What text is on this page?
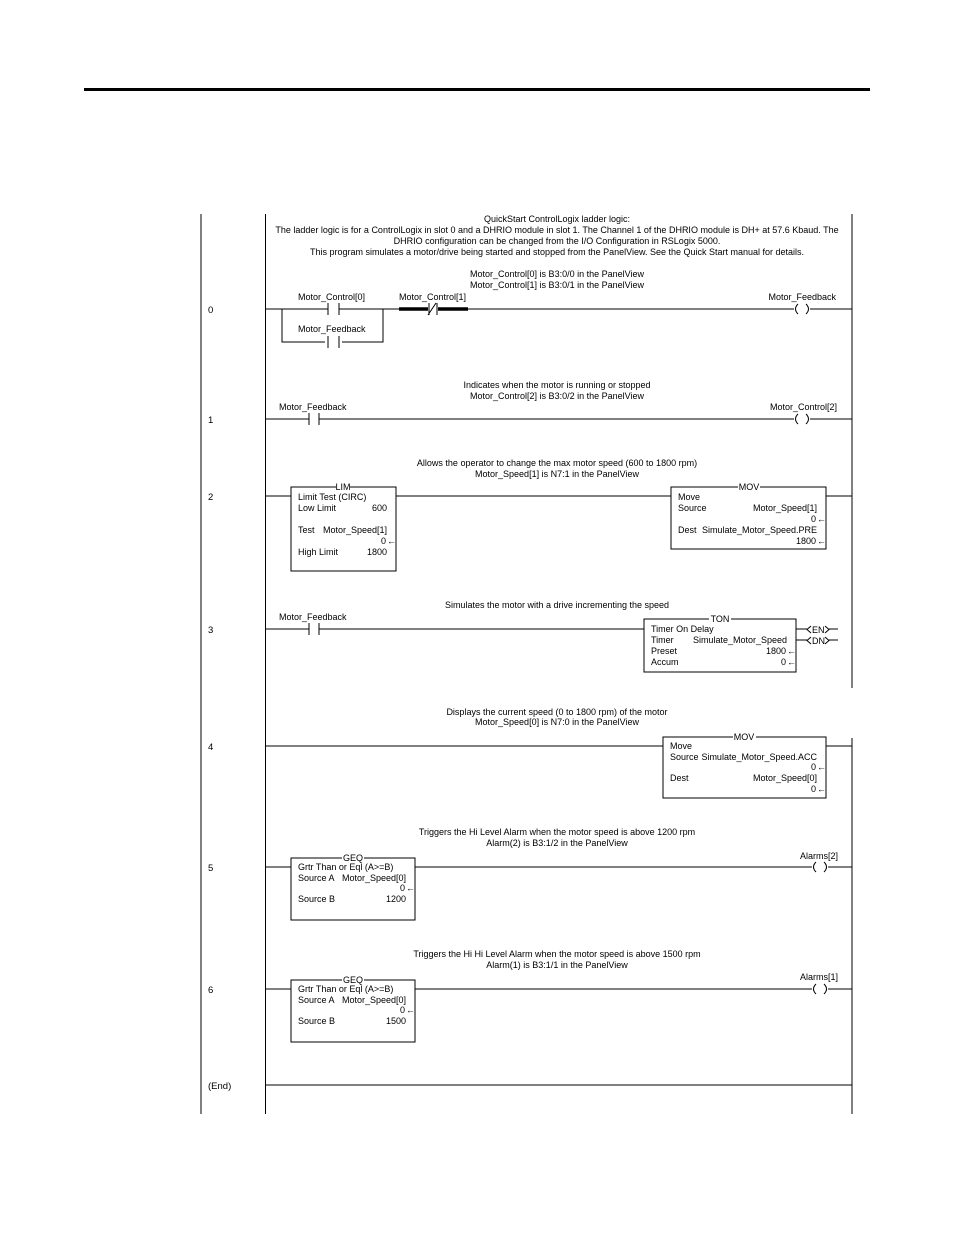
QuickStart ControlLogix ladder logic:
The ladder logic is for a ControlLogix in slot 0 and a DHRIO module in slot 1. The Channel 1 of the DHRIO module is DH+ at 57.6 Kbaud. The
DHRIO configuration can be changed from the I/O Configuration in RSLogix 5000.
This program simulates a motor/drive being started and stopped from the PanelView. See the Quick Start manual for details.
0
Motor_Control[0] is B3:0/0 in the PanelView
Motor_Control[1] is B3:0/1 in the PanelView
Motor_Control[0]	Motor_Control[1]
Motor_Feedback
Motor_Feedback
1
Indicates when the motor is running or stopped
Motor_Control[2] is B3:0/2 in the PanelView
Motor_Feedback	Motor_Control[2]
2
Allows the operator to change the max motor speed (600 to 1800 rpm)
Motor_Speed[1] is N7:1 in the PanelView
LIM
Limit Test (CIRC)
Low Limit	600
Test Motor_Speed[1]
0 ←
High Limit	1800
MOV
Move
Source	Motor_Speed[1]
0 ←
Dest Simulate_Motor_Speed.PRE
1800 ←
3
Simulates the motor with a drive incrementing the speed
Motor_Feedback	TON
Timer On Delay
Timer Simulate_Motor_Speed
Preset	1800 ←
Accum	0 ←
EN
DN
4
Displays the current speed (0 to 1800 rpm) of the motor
Motor_Speed[0] is N7:0 in the PanelView
MOV
Move
Source Simulate_Motor_Speed.ACC
0 ←
Dest	Motor_Speed[0]
0 ←
5
Triggers the Hi Level Alarm when the motor speed is above 1200 rpm
Alarm(2) is B3:1/2 in the PanelView
GEQ
Grtr Than or Eql (A>=B)
Source A Motor_Speed[0]
0 ←
Source B	1200
Alarms[2]
6
Triggers the Hi Hi Level Alarm when the motor speed is above 1500 rpm
Alarm(1) is B3:1/1 in the PanelView
GEQ
Grtr Than or Eql (A>=B)
Source A Motor_Speed[0]
0 ←
Source B	1500
Alarms[1]
(End)
